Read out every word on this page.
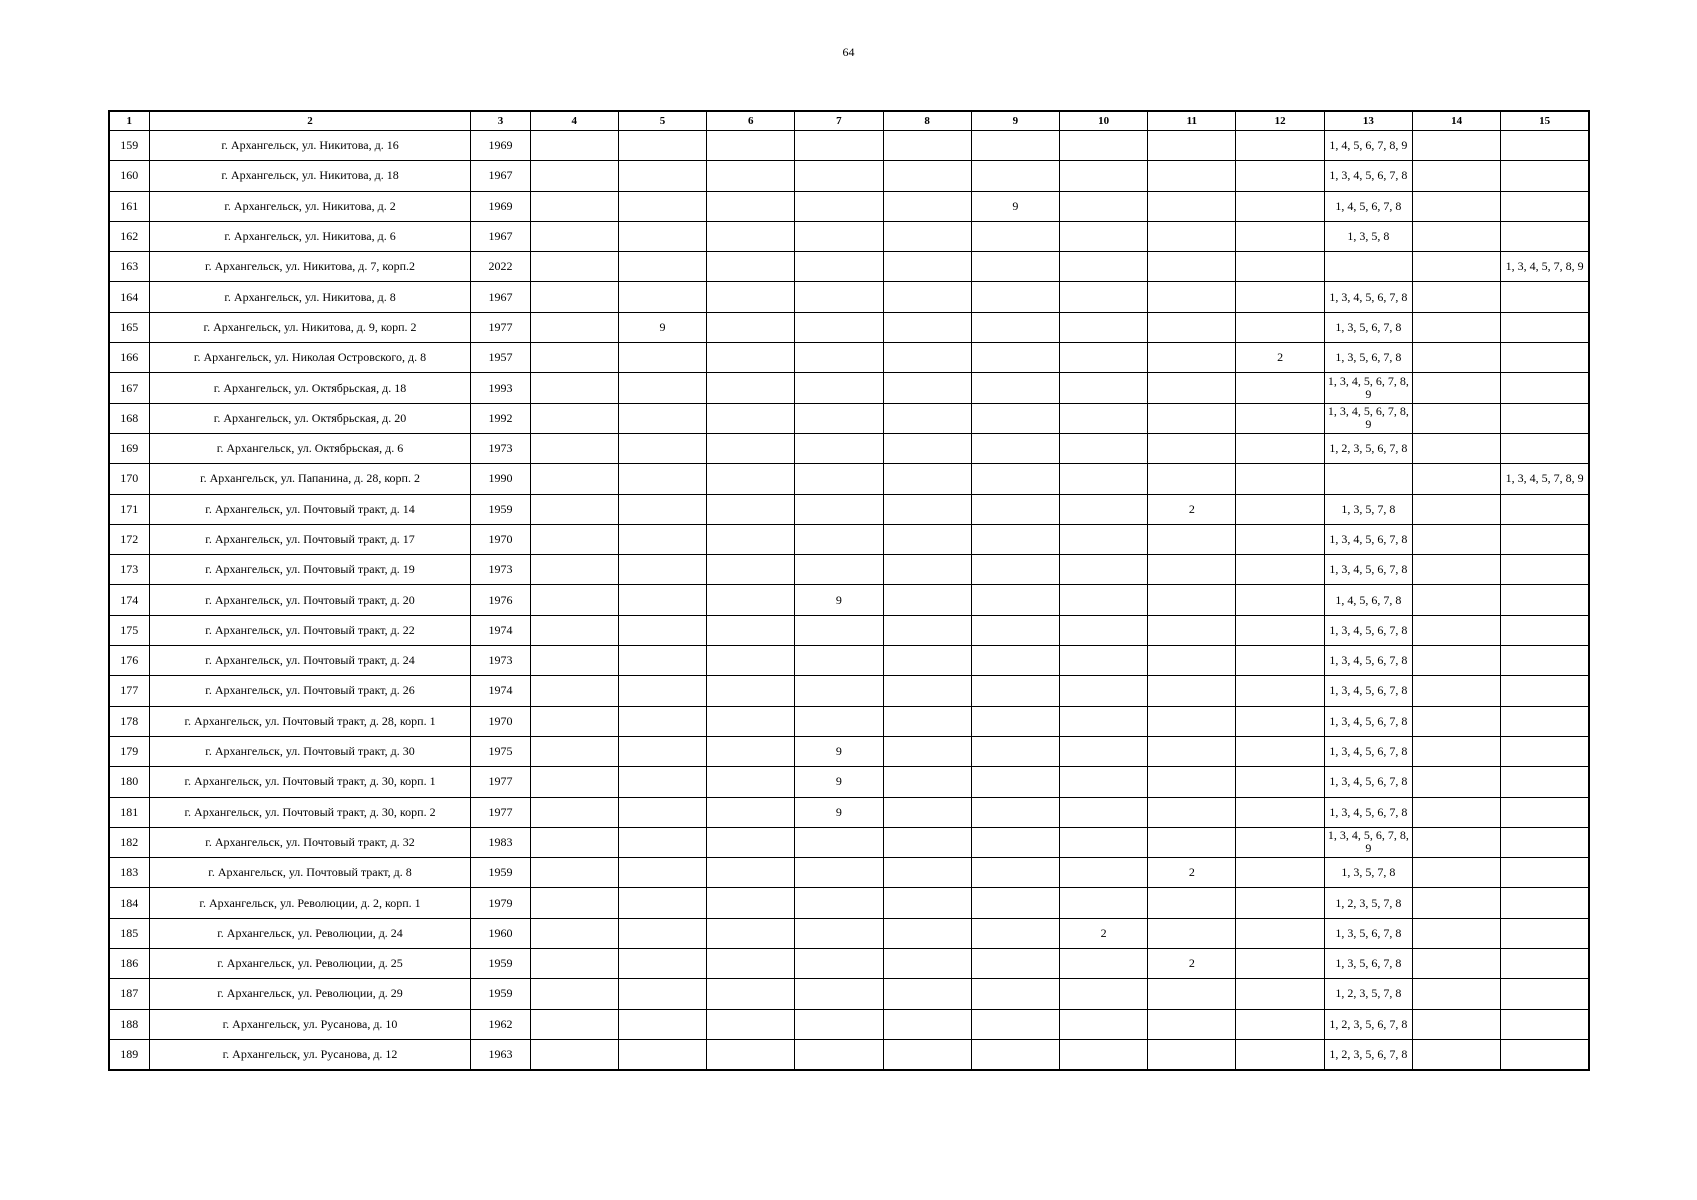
64
1	2	3	4	5	6	7	8	9	10	11	12	13	14	15
159	г. Архангельск, ул. Никитова, д. 16	1969										1, 4, 5, 6, 7, 8, 9		
160	г. Архангельск, ул. Никитова, д. 18	1967										1, 3, 4, 5, 6, 7, 8		
161	г. Архангельск, ул. Никитова, д. 2	1969						9				1, 4, 5, 6, 7, 8		
162	г. Архангельск, ул. Никитова, д. 6	1967										1, 3, 5, 8		
163	г. Архангельск, ул. Никитова, д. 7, корп.2	2022												1, 3, 4, 5, 7, 8, 9
164	г. Архангельск, ул. Никитова, д. 8	1967										1, 3, 4, 5, 6, 7, 8		
165	г. Архангельск, ул. Никитова, д. 9, корп. 2	1977		9								1, 3, 5, 6, 7, 8		
166	г. Архангельск, ул. Николая Островского, д. 8	1957									2	1, 3, 5, 6, 7, 8		
167	г. Архангельск, ул. Октябрьская, д. 18	1993										1, 3, 4, 5, 6, 7, 8, 9		
168	г. Архангельск, ул. Октябрьская, д. 20	1992										1, 3, 4, 5, 6, 7, 8, 9		
169	г. Архангельск, ул. Октябрьская, д. 6	1973										1, 2, 3, 5, 6, 7, 8		
170	г. Архангельск, ул. Папанина, д. 28, корп. 2	1990												1, 3, 4, 5, 7, 8, 9
171	г. Архангельск, ул. Почтовый тракт, д. 14	1959								2		1, 3, 5, 7, 8		
172	г. Архангельск, ул. Почтовый тракт, д. 17	1970										1, 3, 4, 5, 6, 7, 8		
173	г. Архангельск, ул. Почтовый тракт, д. 19	1973										1, 3, 4, 5, 6, 7, 8		
174	г. Архангельск, ул. Почтовый тракт, д. 20	1976				9						1, 4, 5, 6, 7, 8		
175	г. Архангельск, ул. Почтовый тракт, д. 22	1974										1, 3, 4, 5, 6, 7, 8		
176	г. Архангельск, ул. Почтовый тракт, д. 24	1973										1, 3, 4, 5, 6, 7, 8		
177	г. Архангельск, ул. Почтовый тракт, д. 26	1974										1, 3, 4, 5, 6, 7, 8		
178	г. Архангельск, ул. Почтовый тракт, д. 28, корп. 1	1970										1, 3, 4, 5, 6, 7, 8		
179	г. Архангельск, ул. Почтовый тракт, д. 30	1975				9						1, 3, 4, 5, 6, 7, 8		
180	г. Архангельск, ул. Почтовый тракт, д. 30, корп. 1	1977				9						1, 3, 4, 5, 6, 7, 8		
181	г. Архангельск, ул. Почтовый тракт, д. 30, корп. 2	1977				9						1, 3, 4, 5, 6, 7, 8		
182	г. Архангельск, ул. Почтовый тракт, д. 32	1983										1, 3, 4, 5, 6, 7, 8, 9		
183	г. Архангельск, ул. Почтовый тракт, д. 8	1959								2		1, 3, 5, 7, 8		
184	г. Архангельск, ул. Революции, д. 2, корп. 1	1979										1, 2, 3, 5, 7, 8		
185	г. Архангельск, ул. Революции, д. 24	1960							2			1, 3, 5, 6, 7, 8		
186	г. Архангельск, ул. Революции, д. 25	1959								2		1, 3, 5, 6, 7, 8		
187	г. Архангельск, ул. Революции, д. 29	1959										1, 2, 3, 5, 7, 8		
188	г. Архангельск, ул. Русанова, д. 10	1962										1, 2, 3, 5, 6, 7, 8		
189	г. Архангельск, ул. Русанова, д. 12	1963										1, 2, 3, 5, 6, 7, 8		
